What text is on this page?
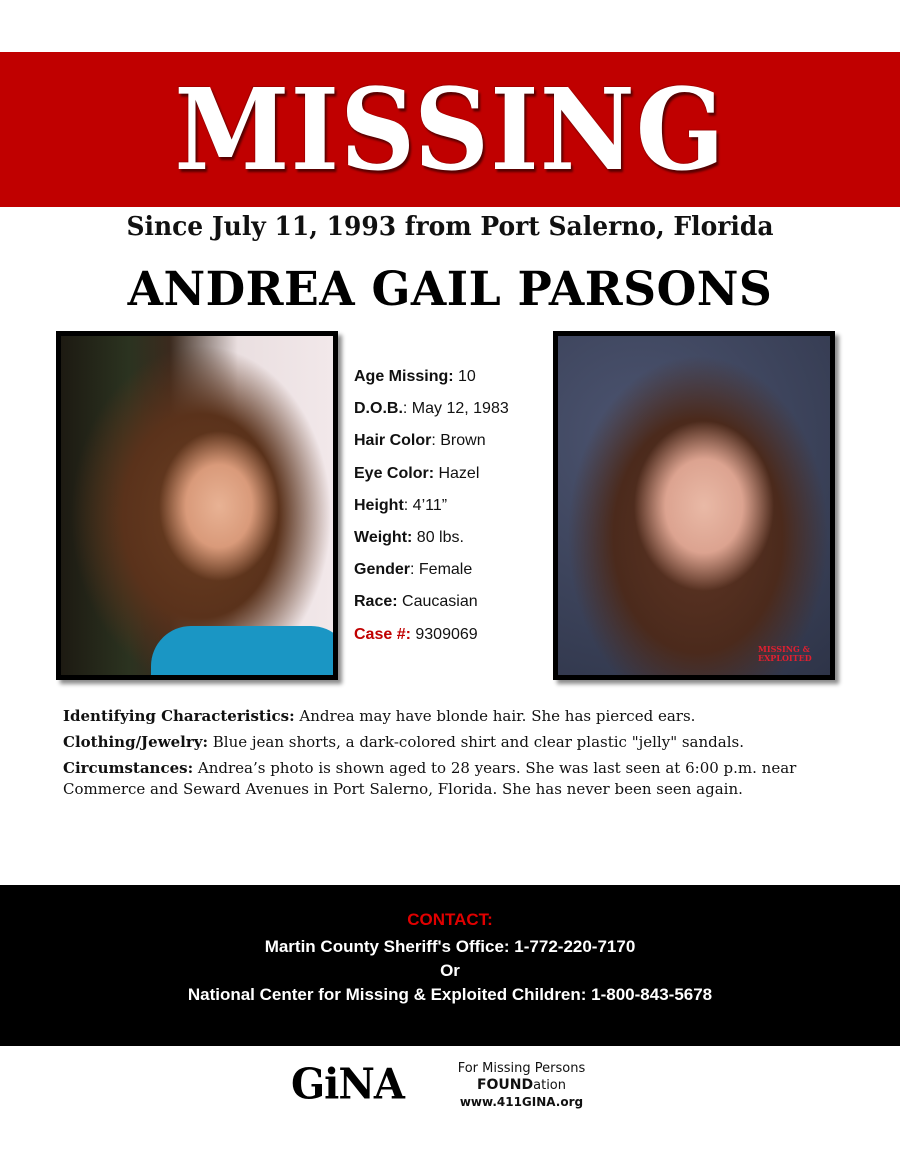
MISSING
Since July 11, 1993 from Port Salerno, Florida
ANDREA GAIL PARSONS
Age Missing: 10
D.O.B.: May 12, 1983
Hair Color: Brown
Eye Color: Hazel
Height: 4’11”
Weight: 80 lbs.
Gender: Female
Race: Caucasian
Case #: 9309069
MISSING &
EXPLOITED

Identifying Characteristics: Andrea may have blonde hair. She has pierced ears.

Clothing/Jewelry: Blue jean shorts, a dark-colored shirt and clear plastic "jelly" sandals.

Circumstances: Andrea’s photo is shown aged to 28 years. She was last seen at 6:00 p.m. near Commerce and Seward Avenues in Port Salerno, Florida. She has never been seen again.

CONTACT:
Martin County Sheriff's Office: 1-772-220-7170
Or
National Center for Missing & Exploited Children: 1-800-843-5678
GiNA	For Missing Persons FOUNDation
www.411GINA.org
